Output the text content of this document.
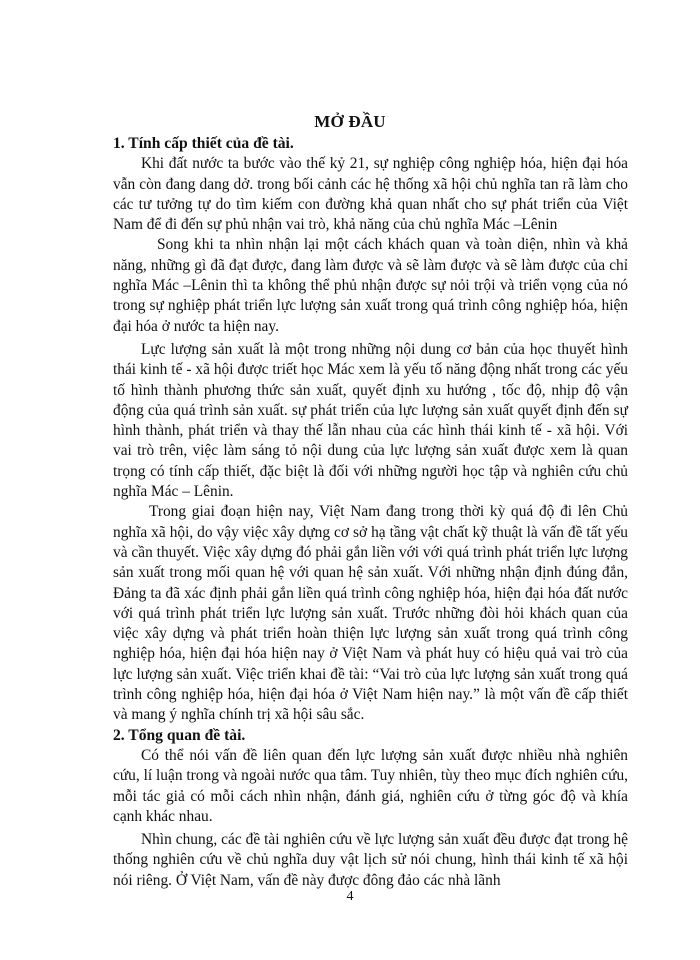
MỞ ĐẦU

1. Tính cấp thiết của đề tài.

Khi đất nước ta bước vào thế kỷ 21, sự nghiệp công nghiệp hóa, hiện đại hóa vẫn còn đang dang dở. trong bối cảnh các hệ thống xã hội chủ nghĩa tan rã làm cho các tư tưởng tự do tìm kiếm con đường khả quan nhất cho sự phát triển của Việt Nam để đi đến sự phủ nhận vai trò, khả năng của chủ nghĩa Mác –Lênin

Song khi ta nhìn nhận lại một cách khách quan và toàn diện, nhìn và khả năng, những gì đã đạt được, đang làm được và sẽ làm được và sẽ làm được của chỉ nghĩa Mác –Lênin thì ta không thể phủ nhận được sự nỏi trội và triển vọng của nó trong sự nghiệp phát triển lực lượng sản xuất trong quá trình công nghiệp hóa, hiện đại hóa ở nước ta hiện nay.

Lực lượng sản xuất là một trong những nội dung cơ bản của học thuyết hình thái kinh tế - xã hội được triết học Mác xem là yếu tố năng động nhất trong các yếu tố hình thành phương thức sản xuất, quyết định xu hướng , tốc độ, nhịp độ vận động của quá trình sản xuất. sự phát triển của lực lượng sản xuất quyết định đến sự hình thành, phát triển và thay thế lẫn nhau của các hình thái kinh tế - xã hội. Với vai trò trên, việc làm sáng tỏ nội dung của lực lượng sản xuất được xem là quan trọng có tính cấp thiết, đặc biệt là đối với những người học tập và nghiên cứu chủ nghĩa Mác – Lênin.

Trong giai đoạn hiện nay, Việt Nam đang trong thời kỳ quá độ đi lên Chủ nghĩa xã hội, do vậy việc xây dựng cơ sở hạ tầng vật chất kỹ thuật là vấn đề tất yếu và cần thuyết. Việc xây dựng đó phải gắn liền với với quá trình phát triển lực lượng sản xuất trong mối quan hệ với quan hệ sản xuất. Với những nhận định đúng đắn, Đảng ta đã xác định phải gắn liền quá trình công nghiệp hóa, hiện đại hóa đất nước với quá trình phát triển lực lượng sản xuất. Trước những đòi hỏi khách quan của việc xây dựng và phát triển hoàn thiện lực lượng sản xuất trong quá trình công nghiệp hóa, hiện đại hóa hiện nay ở Việt Nam và phát huy có hiệu quả vai trò của lực lượng sản xuất. Việc triển khai đề tài: “Vai trò của lực lượng sản xuất trong quá trình công nghiệp hóa, hiện đại hóa ở Việt Nam hiện nay.” là một vấn đề cấp thiết và mang ý nghĩa chính trị xã hội sâu sắc.

2. Tổng quan đề tài.

Có thể nói vấn đề liên quan đến lực lượng sản xuất được nhiều nhà nghiên cứu, lí luận trong và ngoài nước qua tâm. Tuy nhiên, tùy theo mục đích nghiên cứu, mỗi tác giả có mỗi cách nhìn nhận, đánh giá, nghiên cứu ở từng góc độ và khía cạnh khác nhau.

Nhìn chung, các đề tài nghiên cứu về lực lượng sản xuất đều được đạt trong hệ thống nghiên cứu về chủ nghĩa duy vật lịch sử nói chung, hình thái kinh tế xã hội nói riêng. Ở Việt Nam, vấn đề này được đông đảo các nhà lãnh

4
